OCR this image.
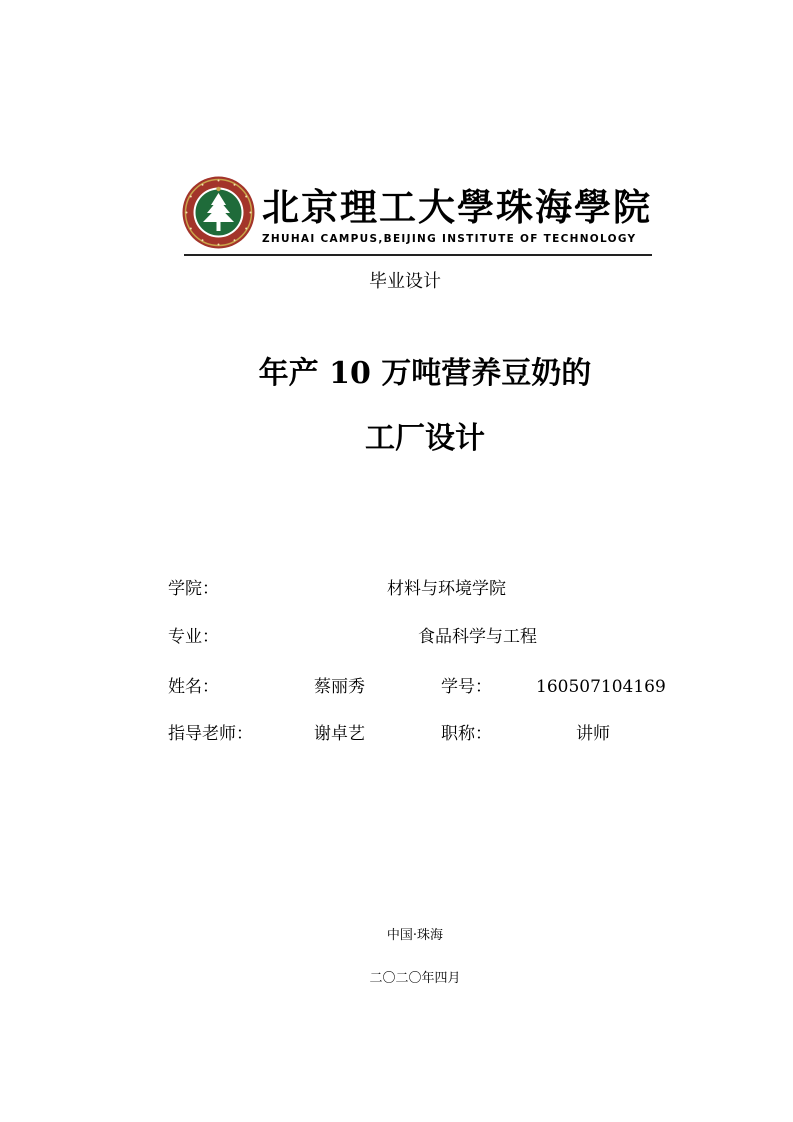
北京理工大學珠海學院
ZHUHAI CAMPUS,BEIJING INSTITUTE OF TECHNOLOGY
毕业设计
年产 10 万吨营养豆奶的
工厂设计
学院：	材料与环境学院
专业：	食品科学与工程
姓名：	蔡丽秀	学号：	160507104169
指导老师：	谢卓艺	职称：	讲师
中国·珠海
二〇二〇年四月
